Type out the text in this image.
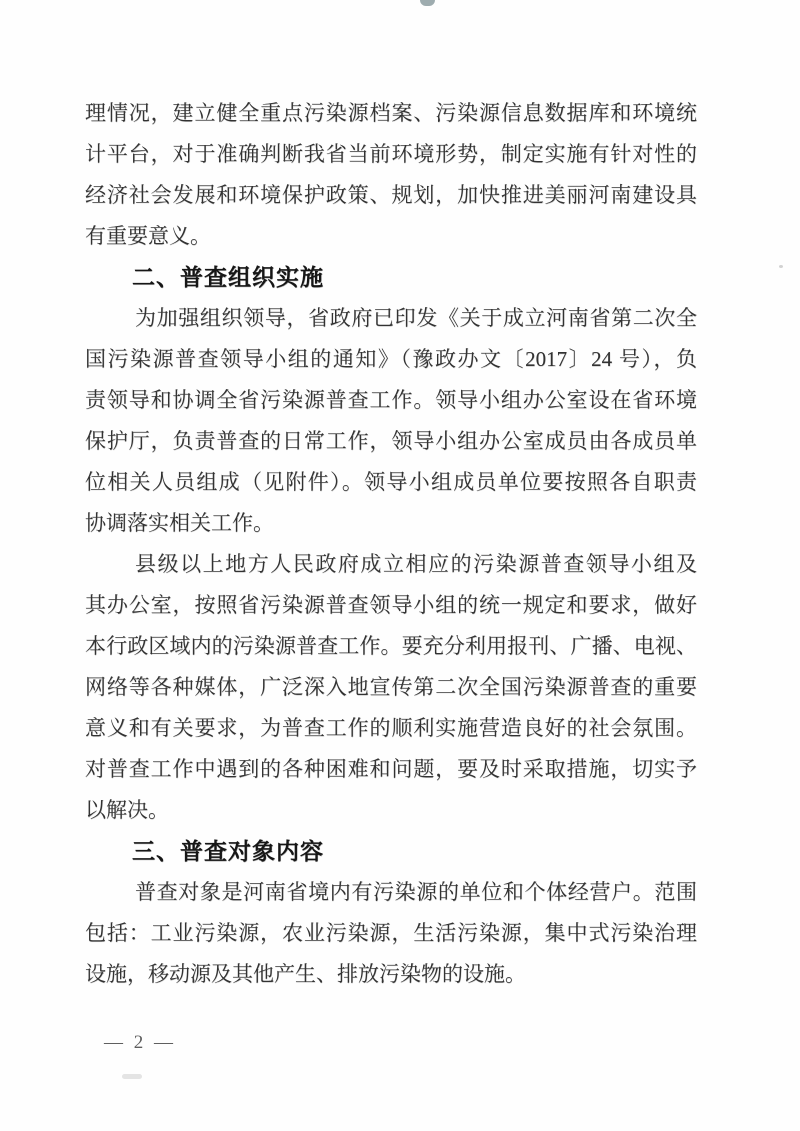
理情况，建立健全重点污染源档案、污染源信息数据库和环境统
计平台，对于准确判断我省当前环境形势，制定实施有针对性的
经济社会发展和环境保护政策、规划，加快推进美丽河南建设具
有重要意义。
二、普查组织实施
为加强组织领导，省政府已印发《关于成立河南省第二次全
国污染源普查领导小组的通知》（豫政办文〔2017〕24 号），负
责领导和协调全省污染源普查工作。领导小组办公室设在省环境
保护厅，负责普查的日常工作，领导小组办公室成员由各成员单
位相关人员组成（见附件）。领导小组成员单位要按照各自职责
协调落实相关工作。
县级以上地方人民政府成立相应的污染源普查领导小组及
其办公室，按照省污染源普查领导小组的统一规定和要求，做好
本行政区域内的污染源普查工作。要充分利用报刊、广播、电视、
网络等各种媒体，广泛深入地宣传第二次全国污染源普查的重要
意义和有关要求，为普查工作的顺利实施营造良好的社会氛围。
对普查工作中遇到的各种困难和问题，要及时采取措施，切实予
以解决。
三、普查对象内容
普查对象是河南省境内有污染源的单位和个体经营户。范围
包括：工业污染源，农业污染源，生活污染源，集中式污染治理
设施，移动源及其他产生、排放污染物的设施。
— 2 —
